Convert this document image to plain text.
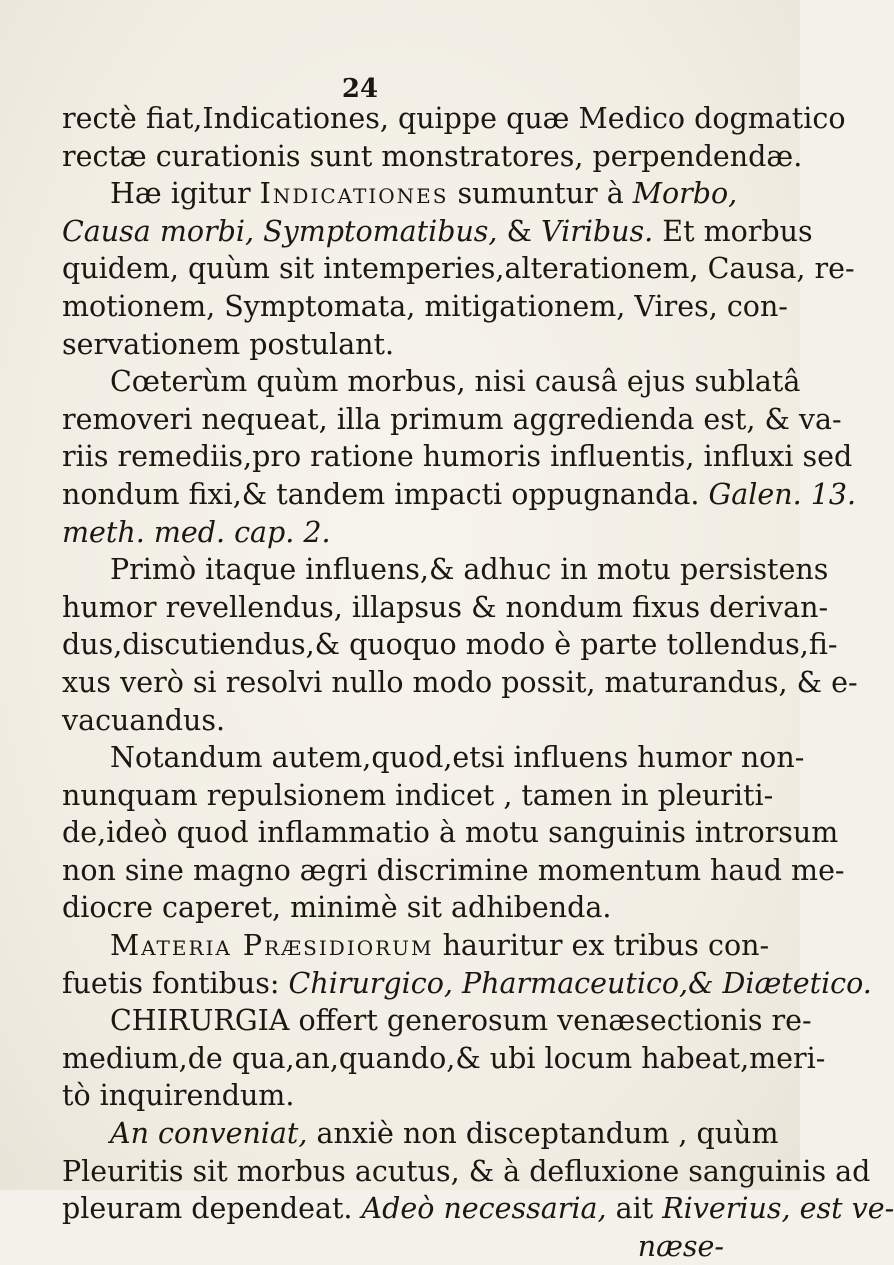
24
rectè fiat,Indicationes, quippe quæ Medico dogmatico
rectæ curationis sunt monstratores, perpendendæ.
Hæ igitur Indicationes sumuntur à Morbo,
Causa morbi, Symptomatibus, & Viribus. Et morbus
quidem, quùm sit intemperies,alterationem, Causa, re-
motionem, Symptomata, mitigationem, Vires, con-
servationem postulant.
Cœterùm quùm morbus, nisi causâ ejus sublatâ
removeri nequeat, illa primum aggredienda est, & va-
riis remediis,pro ratione humoris influentis, influxi sed
nondum fixi,& tandem impacti oppugnanda. Galen. 13.
meth. med. cap. 2.
Primò itaque influens,& adhuc in motu persistens
humor revellendus, illapsus & nondum fixus derivan-
dus,discutiendus,& quoquo modo è parte tollendus,fi-
xus verò si resolvi nullo modo possit, maturandus, & e-
vacuandus.
Notandum autem,quod,etsi influens humor non-
nunquam repulsionem indicet , tamen in pleuriti-
de,ideò quod inflammatio à motu sanguinis introrsum
non sine magno ægri discrimine momentum haud me-
diocre caperet, minimè sit adhibenda.
Materia Præsidiorum hauritur ex tribus con-
fuetis fontibus: Chirurgico, Pharmaceutico,& Diætetico.
CHIRURGIA offert generosum venæsectionis re-
medium,de qua,an,quando,& ubi locum habeat,meri-
tò inquirendum.
An conveniat, anxiè non disceptandum , quùm
Pleuritis sit morbus acutus, & à defluxione sanguinis ad
pleuram dependeat. Adeò necessaria, ait Riverius, est ve-
næse-
